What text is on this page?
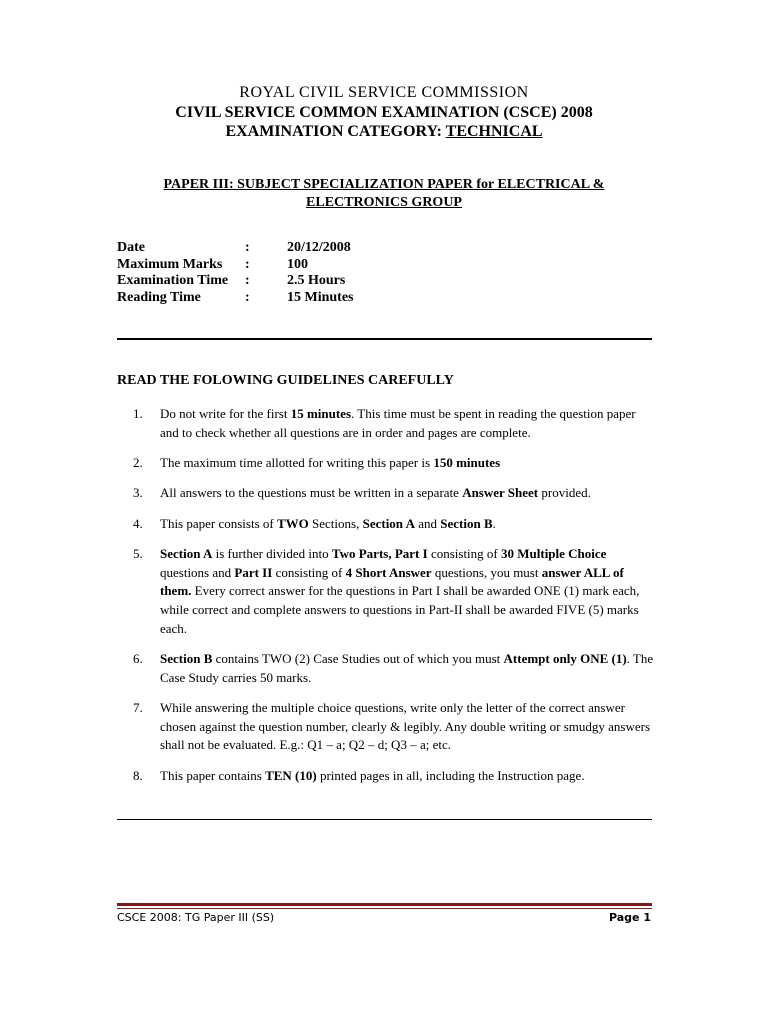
ROYAL CIVIL SERVICE COMMISSION
CIVIL SERVICE COMMON EXAMINATION (CSCE) 2008
EXAMINATION CATEGORY: TECHNICAL
PAPER III: SUBJECT SPECIALIZATION PAPER for ELECTRICAL &
ELECTRONICS GROUP
Date	:	20/12/2008
Maximum Marks	:	100
Examination Time	:	2.5 Hours
Reading Time	:	15 Minutes
READ THE FOLOWING GUIDELINES CAREFULLY
1. Do not write for the first 15 minutes. This time must be spent in reading the question paper and to check whether all questions are in order and pages are complete.
2. The maximum time allotted for writing this paper is 150 minutes
3. All answers to the questions must be written in a separate Answer Sheet provided.
4. This paper consists of TWO Sections, Section A and Section B.
5. Section A is further divided into Two Parts, Part I consisting of 30 Multiple Choice questions and Part II consisting of 4 Short Answer questions, you must answer ALL of them. Every correct answer for the questions in Part I shall be awarded ONE (1) mark each, while correct and complete answers to questions in Part-II shall be awarded FIVE (5) marks each.
6. Section B contains TWO (2) Case Studies out of which you must Attempt only ONE (1). The Case Study carries 50 marks.
7. While answering the multiple choice questions, write only the letter of the correct answer chosen against the question number, clearly & legibly. Any double writing or smudgy answers shall not be evaluated. E.g.: Q1 – a; Q2 – d; Q3 – a; etc.
8. This paper contains TEN (10) printed pages in all, including the Instruction page.
CSCE 2008: TG Paper III (SS)	Page 1
